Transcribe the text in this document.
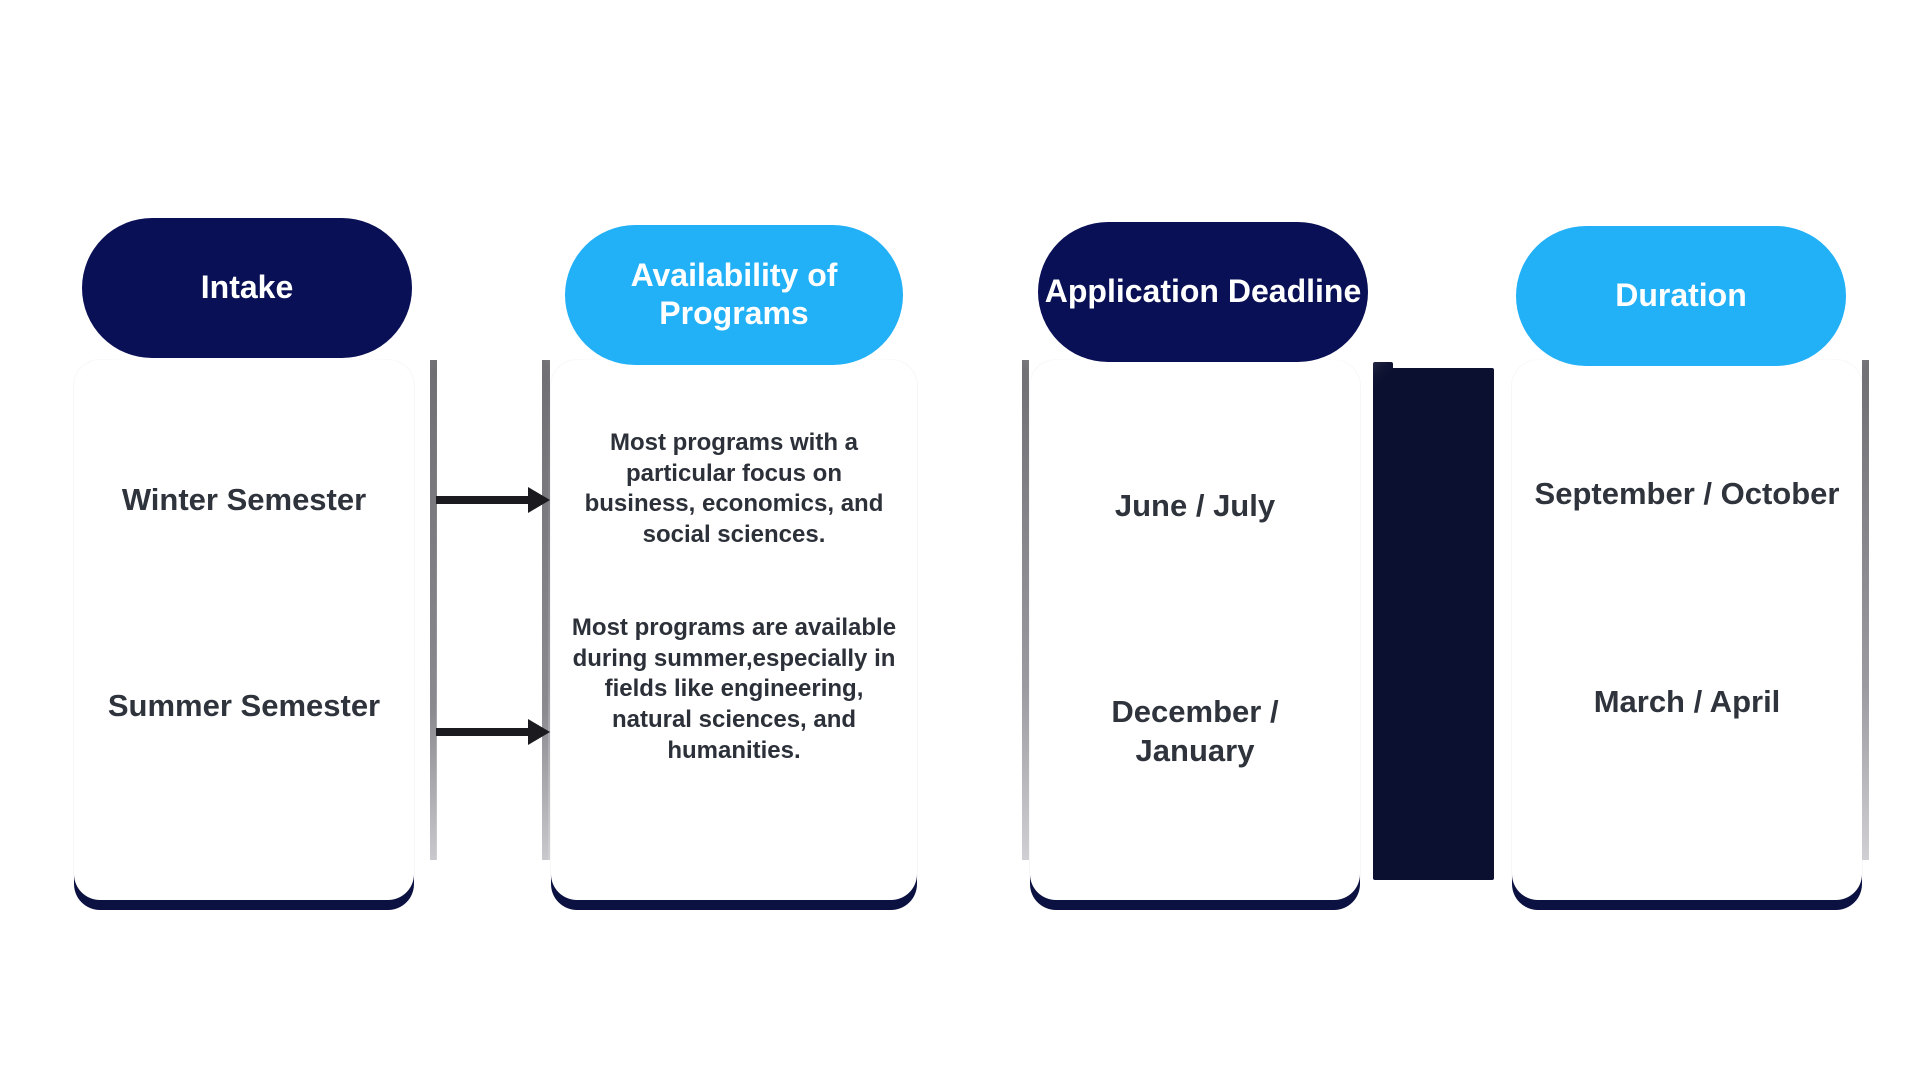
Winter Semester
Summer Semester
Intake
Most programs with a particular focus on business, economics, and social sciences.
Most programs are available during summer,especially in fields like engineering, natural sciences, and humanities.
Availability of Programs
June / July
December / January
Application Deadline
September / October
March / April
Duration
